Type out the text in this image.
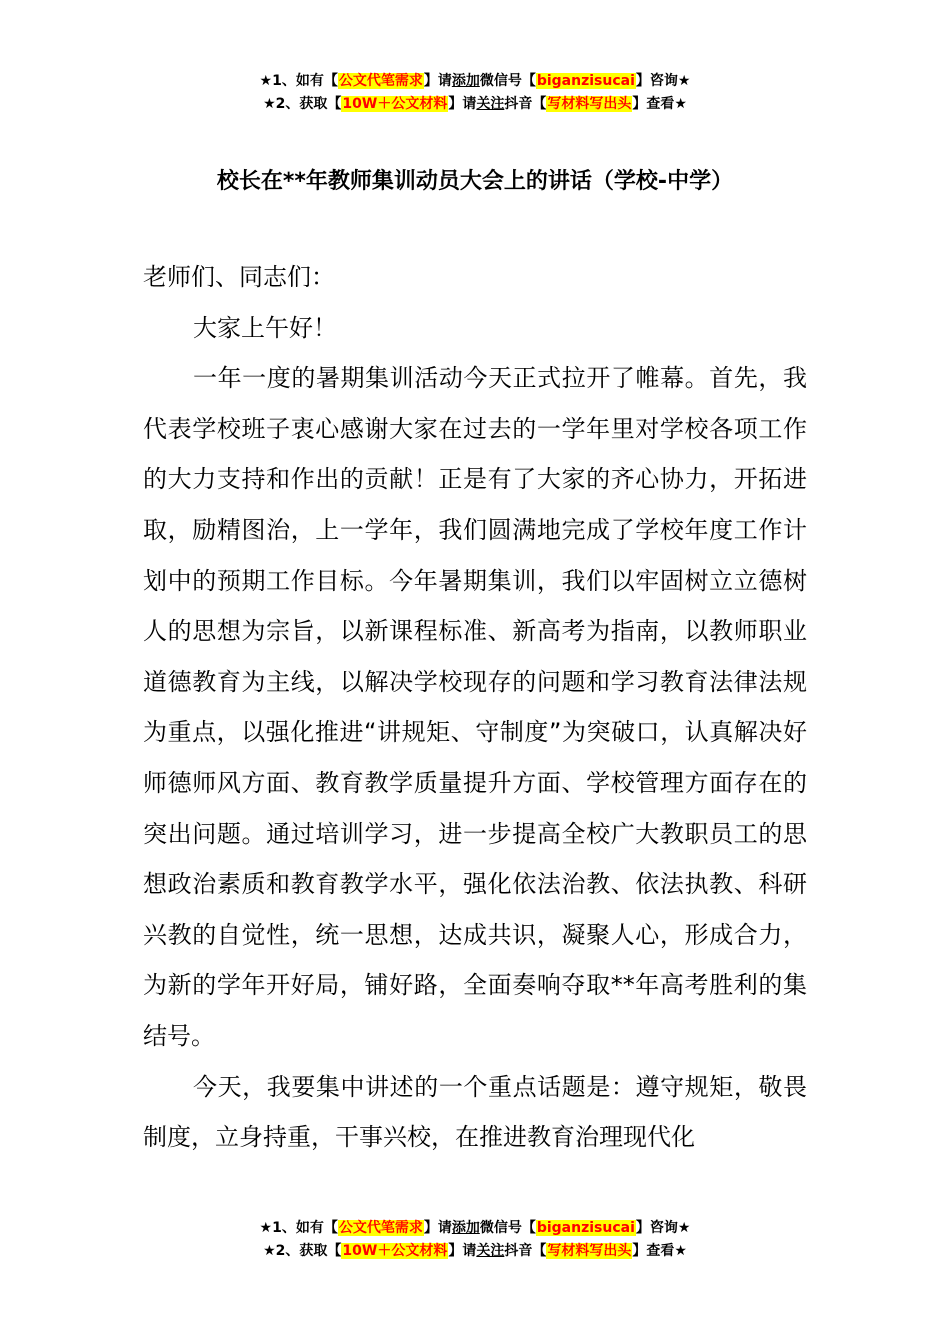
★1、如有【公文代笔需求】请添加微信号【biganzisucai】咨询★
★2、获取【10W＋公文材料】请关注抖音【写材料写出头】查看★
校长在**年教师集训动员大会上的讲话（学校-中学）

老师们、同志们：

大家上午好！

一年一度的暑期集训活动今天正式拉开了帷幕。首先，我代表学校班子衷心感谢大家在过去的一学年里对学校各项工作的大力支持和作出的贡献！正是有了大家的齐心协力，开拓进取，励精图治，上一学年，我们圆满地完成了学校年度工作计划中的预期工作目标。今年暑期集训，我们以牢固树立立德树人的思想为宗旨，以新课程标准、新高考为指南，以教师职业道德教育为主线，以解决学校现存的问题和学习教育法律法规为重点，以强化推进“讲规矩、守制度”为突破口，认真解决好师德师风方面、教育教学质量提升方面、学校管理方面存在的突出问题。通过培训学习，进一步提高全校广大教职员工的思想政治素质和教育教学水平，强化依法治教、依法执教、科研兴教的自觉性，统一思想，达成共识，凝聚人心，形成合力，为新的学年开好局，铺好路，全面奏响夺取**年高考胜利的集结号。

今天，我要集中讲述的一个重点话题是：遵守规矩，敬畏制度，立身持重，干事兴校，在推进教育治理现代化

★1、如有【公文代笔需求】请添加微信号【biganzisucai】咨询★
★2、获取【10W＋公文材料】请关注抖音【写材料写出头】查看★
